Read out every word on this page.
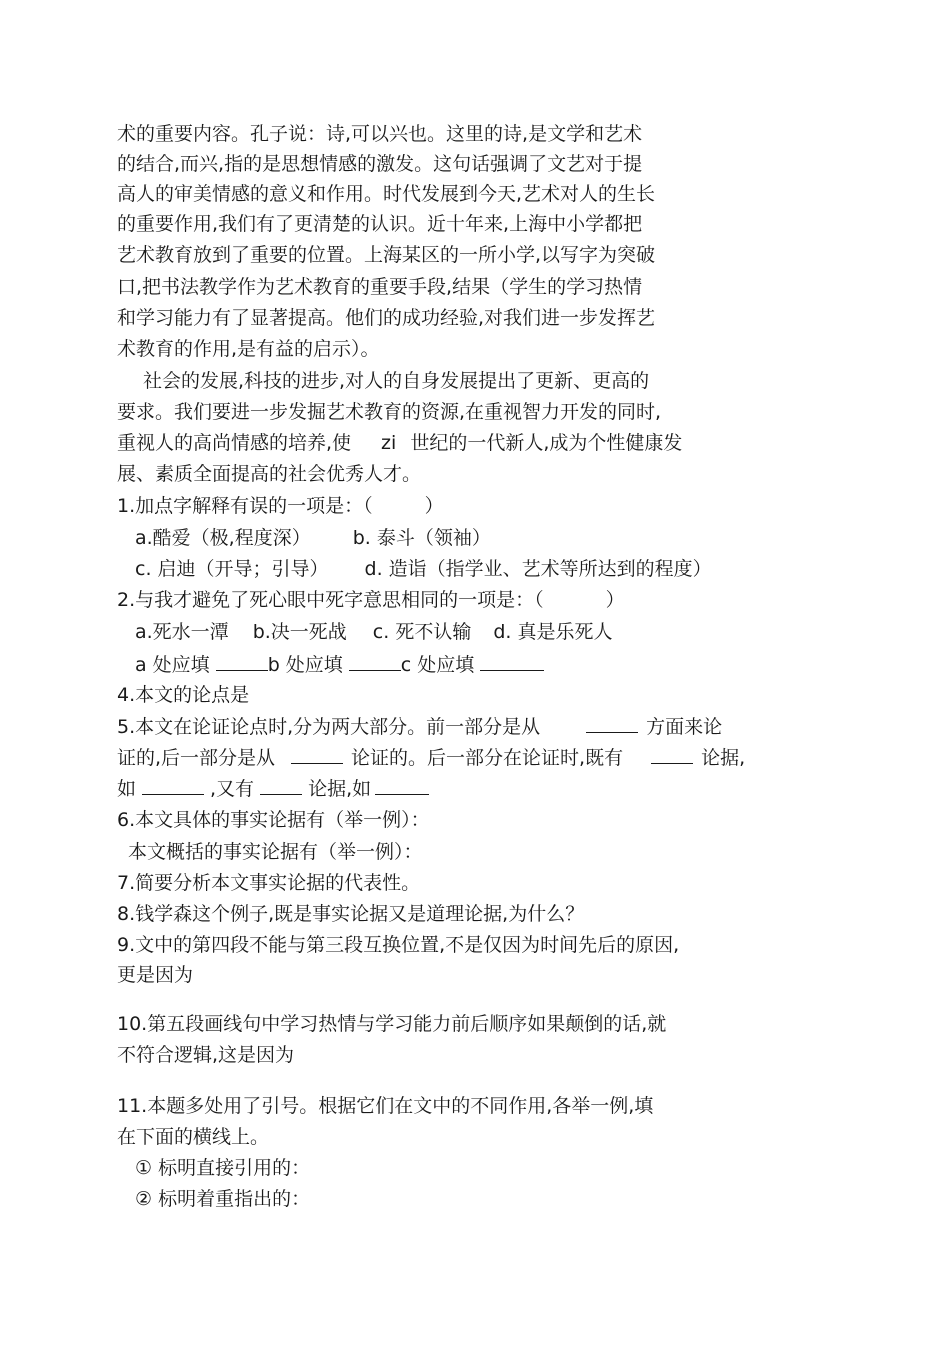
术的重要内容。孔子说：诗,可以兴也。这里的诗,是文学和艺术
的结合,而兴,指的是思想情感的激发。这句话强调了文艺对于提
高人的审美情感的意义和作用。时代发展到今天,艺术对人的生长
的重要作用,我们有了更清楚的认识。近十年来,上海中小学都把
艺术教育放到了重要的位置。上海某区的一所小学,以写字为突破
口,把书法教学作为艺术教育的重要手段,结果（学生的学习热情
和学习能力有了显著提高。他们的成功经验,对我们进一步发挥艺
术教育的作用,是有益的启示）。
社会的发展,科技的进步,对人的自身发展提出了更新、更高的
要求。我们要进一步发掘艺术教育的资源,在重视智力开发的同时,
重视人的高尚情感的培养,使 zi 世纪的一代新人,成为个性健康发
展、素质全面提高的社会优秀人才。
1.加点字解释有误的一项是：（	）
a.酷爱（极,程度深） b. 泰斗（领袖）
c. 启迪（开导；引导） d. 造诣（指学业、艺术等所达到的程度）
2.与我才避免了死心眼中死字意思相同的一项是：（	）
a.死水一潭 b.决一死战 c. 死不认输 d. 真是乐死人
a 处应填	b 处应填	c 处应填
4.本文的论点是
5.本文在论证论点时,分为两大部分。前一部分是从	方面来论
证的,后一部分是从	论证的。后一部分在论证时,既有	论据,
如	,又有	论据,如
6.本文具体的事实论据有（举一例）：
本文概括的事实论据有（举一例）：
7.简要分析本文事实论据的代表性。
8.钱学森这个例子,既是事实论据又是道理论据,为什么？
9.文中的第四段不能与第三段互换位置,不是仅因为时间先后的原因,
更是因为
10.第五段画线句中学习热情与学习能力前后顺序如果颠倒的话,就
不符合逻辑,这是因为
11.本题多处用了引号。根据它们在文中的不同作用,各举一例,填
在下面的横线上。
① 标明直接引用的：
② 标明着重指出的：
